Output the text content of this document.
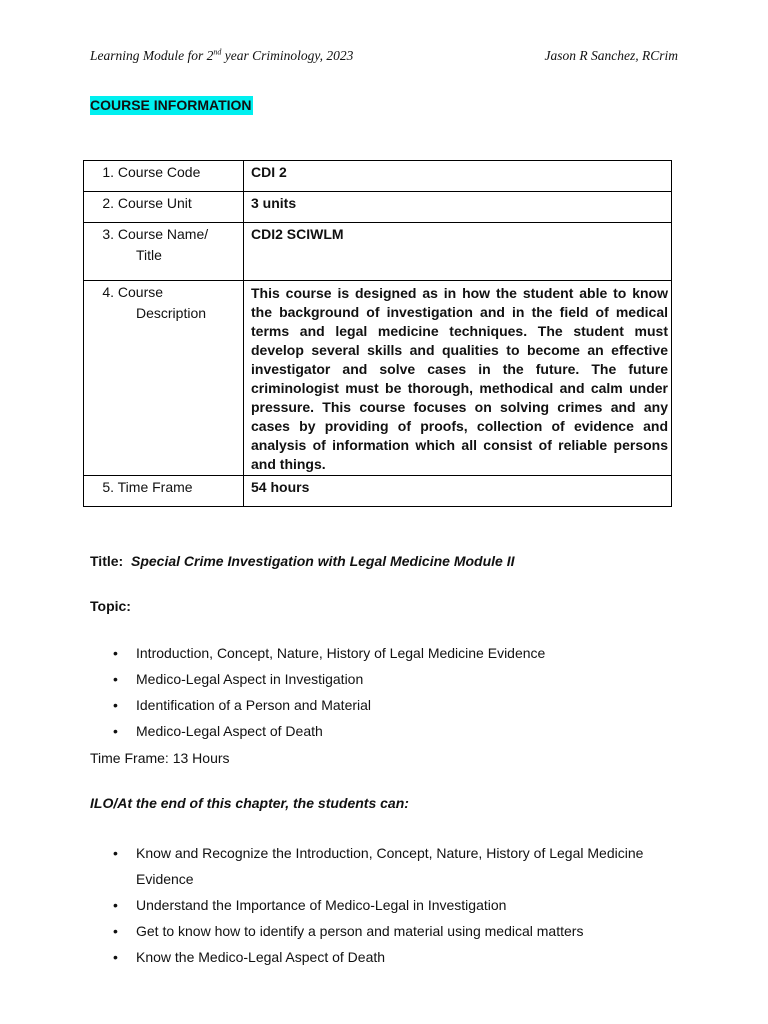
Learning Module for 2nd year Criminology, 2023	Jason R Sanchez, RCrim
COURSE INFORMATION
1. Course Code	CDI 2

2. Course Unit	3 units

3. Course Name/
Title	CDI2 SCIWLM

4. Course
Description	This course is designed as in how the student able to know the background of investigation and in the field of medical terms and legal medicine techniques. The student must develop several skills and qualities to become an effective investigator and solve cases in the future. The future criminologist must be thorough, methodical and calm under pressure. This course focuses on solving crimes and any cases by providing of proofs, collection of evidence and analysis of information which all consist of reliable persons and things.

5. Time Frame	54 hours
Title: Special Crime Investigation with Legal Medicine Module II
Topic:
• Introduction, Concept, Nature, History of Legal Medicine Evidence
• Medico-Legal Aspect in Investigation
• Identification of a Person and Material
• Medico-Legal Aspect of Death
Time Frame: 13 Hours
ILO/At the end of this chapter, the students can:
• Know and Recognize the Introduction, Concept, Nature, History of Legal Medicine Evidence
• Understand the Importance of Medico-Legal in Investigation
• Get to know how to identify a person and material using medical matters
• Know the Medico-Legal Aspect of Death
